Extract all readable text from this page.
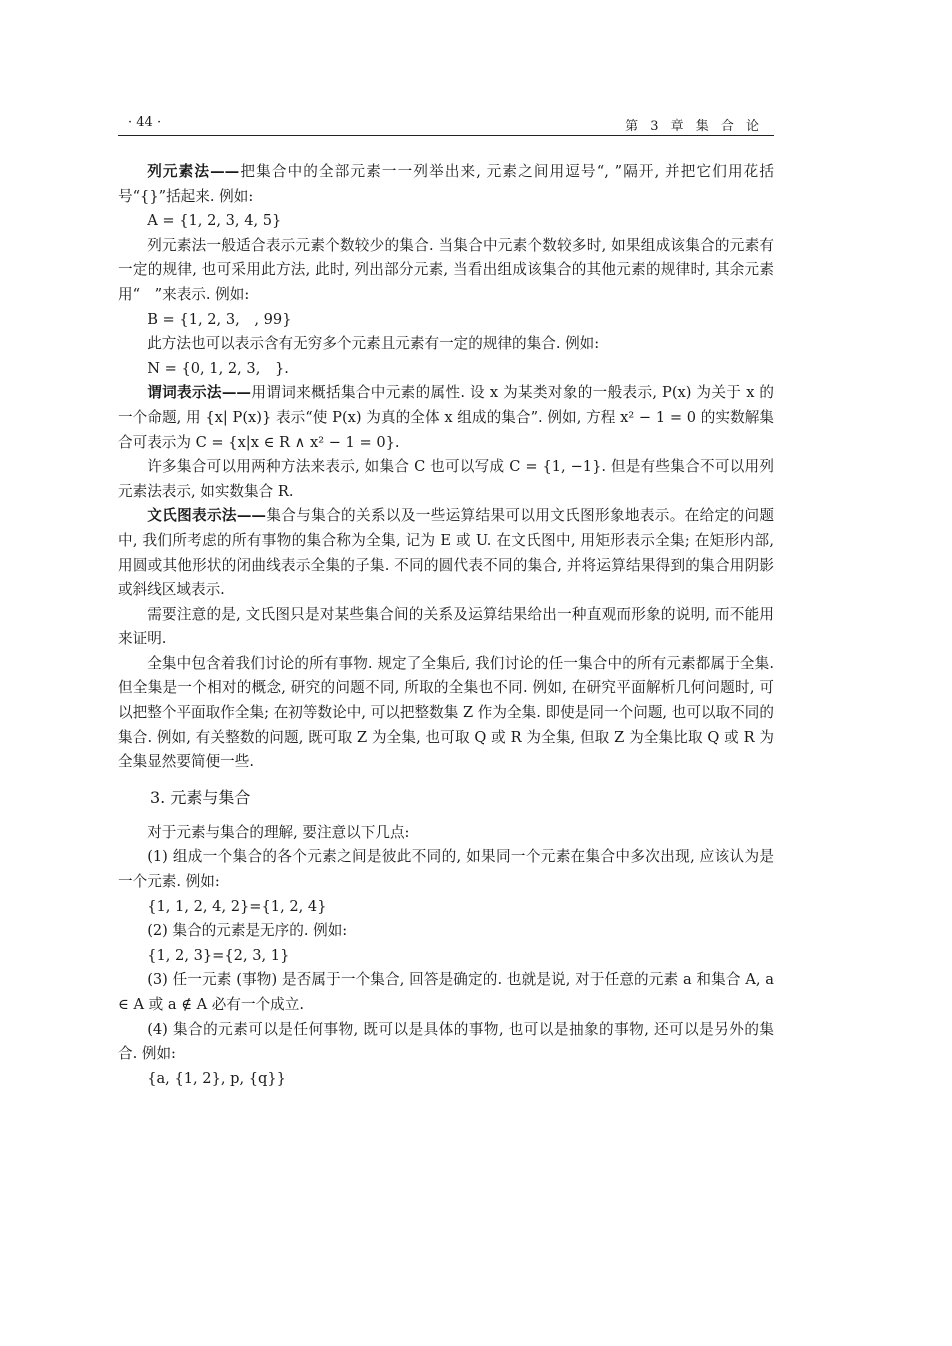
· 44 ·	第 3 章 集 合 论

列元素法——把集合中的全部元素一一列举出来, 元素之间用逗号“, ”隔开, 并把它们用花括号“{}”括起来. 例如:

A = {1, 2, 3, 4, 5}

列元素法一般适合表示元素个数较少的集合. 当集合中元素个数较多时, 如果组成该集合的元素有一定的规律, 也可采用此方法, 此时, 列出部分元素, 当看出组成该集合的其他元素的规律时, 其余元素用“　”来表示. 例如:

B = {1, 2, 3,　, 99}

此方法也可以表示含有无穷多个元素且元素有一定的规律的集合. 例如:

N = {0, 1, 2, 3,　}.

谓词表示法——用谓词来概括集合中元素的属性. 设 x 为某类对象的一般表示, P(x) 为关于 x 的一个命题, 用 {x| P(x)} 表示“使 P(x) 为真的全体 x 组成的集合”. 例如, 方程 x² − 1 = 0 的实数解集合可表示为 C = {x|x ∈ R ∧ x² − 1 = 0}.

许多集合可以用两种方法来表示, 如集合 C 也可以写成 C = {1, −1}. 但是有些集合不可以用列元素法表示, 如实数集合 R.

文氏图表示法——集合与集合的关系以及一些运算结果可以用文氏图形象地表示。在给定的问题中, 我们所考虑的所有事物的集合称为全集, 记为 E 或 U. 在文氏图中, 用矩形表示全集; 在矩形内部, 用圆或其他形状的闭曲线表示全集的子集. 不同的圆代表不同的集合, 并将运算结果得到的集合用阴影或斜线区域表示.

需要注意的是, 文氏图只是对某些集合间的关系及运算结果给出一种直观而形象的说明, 而不能用来证明.

全集中包含着我们讨论的所有事物. 规定了全集后, 我们讨论的任一集合中的所有元素都属于全集. 但全集是一个相对的概念, 研究的问题不同, 所取的全集也不同. 例如, 在研究平面解析几何问题时, 可以把整个平面取作全集; 在初等数论中, 可以把整数集 Z 作为全集. 即使是同一个问题, 也可以取不同的集合. 例如, 有关整数的问题, 既可取 Z 为全集, 也可取 Q 或 R 为全集, 但取 Z 为全集比取 Q 或 R 为全集显然要简便一些.

3. 元素与集合

对于元素与集合的理解, 要注意以下几点:

(1) 组成一个集合的各个元素之间是彼此不同的, 如果同一个元素在集合中多次出现, 应该认为是一个元素. 例如:

{1, 1, 2, 4, 2}={1, 2, 4}

(2) 集合的元素是无序的. 例如:

{1, 2, 3}={2, 3, 1}

(3) 任一元素 (事物) 是否属于一个集合, 回答是确定的. 也就是说, 对于任意的元素 a 和集合 A, a ∈ A 或 a ∉ A 必有一个成立.

(4) 集合的元素可以是任何事物, 既可以是具体的事物, 也可以是抽象的事物, 还可以是另外的集合. 例如:

{a, {1, 2}, p, {q}}
